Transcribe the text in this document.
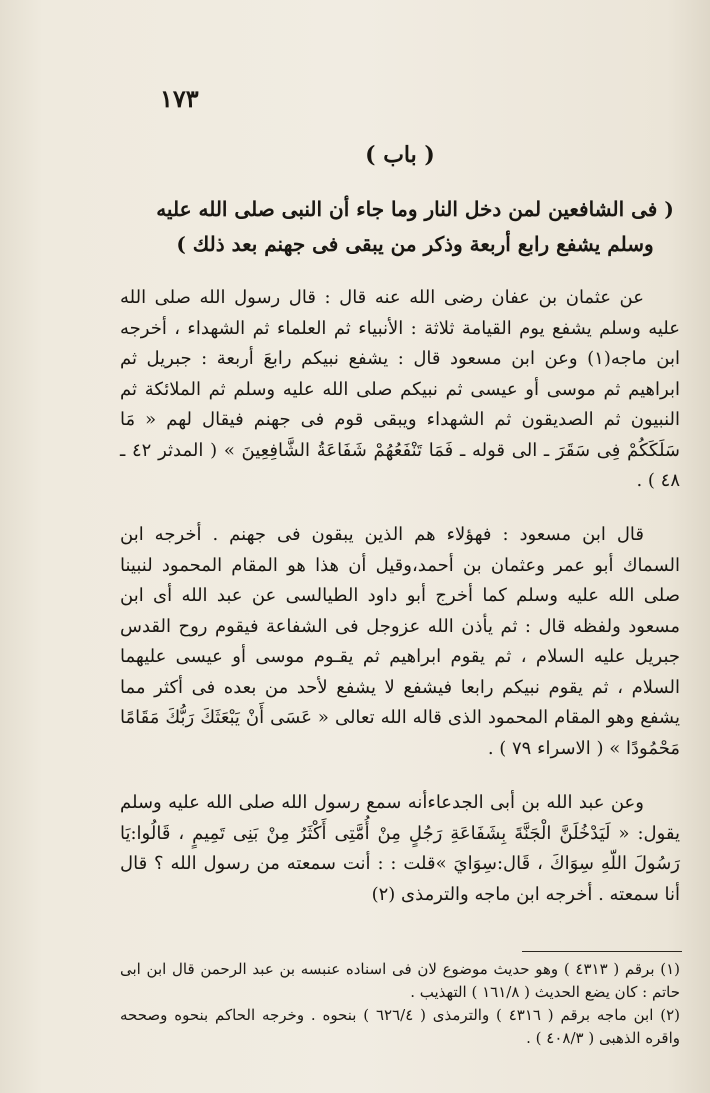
١٧٣
( باب )
( فى الشافعين لمن دخل النار وما جاء أن النبى صلى الله عليه وسلم يشفع رابع أربعة وذكر من يبقى فى جهنم بعد ذلك )

عن عثمان بن عفان رضى الله عنه قال : قال رسول الله صلى الله عليه وسلم يشفع يوم القيامة ثلاثة : الأنبياء ثم العلماء ثم الشهداء ، أخرجه ابن ماجه(١) وعن ابن مسعود قال : يشفع نبيكم رابعَ أربعة : جبريل ثم ابراهيم ثم موسى أو عيسى ثم نبيكم صلى الله عليه وسلم ثم الملائكة ثم النبيون ثم الصديقون ثم الشهداء ويبقى قوم فى جهنم فيقال لهم « مَا سَلَكَكُمْ فِى سَقَرَ ـ الى قوله ـ فَمَا تَنْفَعُهُمْ شَفَاعَةُ الشَّافِعِينَ » ( المدثر ٤٢ ـ ٤٨ ) .

قال ابن مسعود : فهؤلاء هم الذين يبقون فى جهنم . أخرجه ابن السماك أبو عمر وعثمان بن أحمد،وقيل أن هذا هو المقام المحمود لنبينا صلى الله عليه وسلم كما أخرج أبو داود الطيالسى عن عبد الله أى ابن مسعود ولفظه قال : ثم يأذن الله عزوجل فى الشفاعة فيقوم روح القدس جبريل عليه السلام ، ثم يقوم ابراهيم ثم يقـوم موسى أو عيسى عليهما السلام ، ثم يقوم نبيكم رابعا فيشفع لا يشفع لأحد من بعده فى أكثر مما يشفع وهو المقام المحمود الذى قاله الله تعالى « عَسَى أَنْ يَبْعَثَكَ رَبُّكَ مَقَامًا مَحْمُودًا » ( الاسراء ٧٩ ) .

وعن عبد الله بن أبى الجدعاءأنه سمع رسول الله صلى الله عليه وسلم يقول: « لَيَدْخُلَنَّ الْجَنَّةَ بِشَفَاعَةِ رَجُلٍ مِنْ أُمَّتِى أَكْثَرُ مِنْ بَنِى تَمِيمٍ ، قَالُوا:يَا رَسُولَ اللّهِ سِوَاكَ ، قَال:سِوَايَ »قلت : : أنت سمعته من رسول الله ؟ قال أنا سمعته . أخرجه ابن ماجه والترمذى (٢)

(١) برقم ( ٤٣١٣ ) وهو حديث موضوع لان فى اسناده عنبسه بن عبد الرحمن قال ابن ابى حاتم : كان يضع الحديث ( ١٦١/٨ ) التهذيب .

(٢) ابن ماجه برقم ( ٤٣١٦ ) والترمذى ( ٦٢٦/٤ ) بنحوه . وخرجه الحاكم بنحوه وصححه واقره الذهبى ( ٤٠٨/٣ ) .
